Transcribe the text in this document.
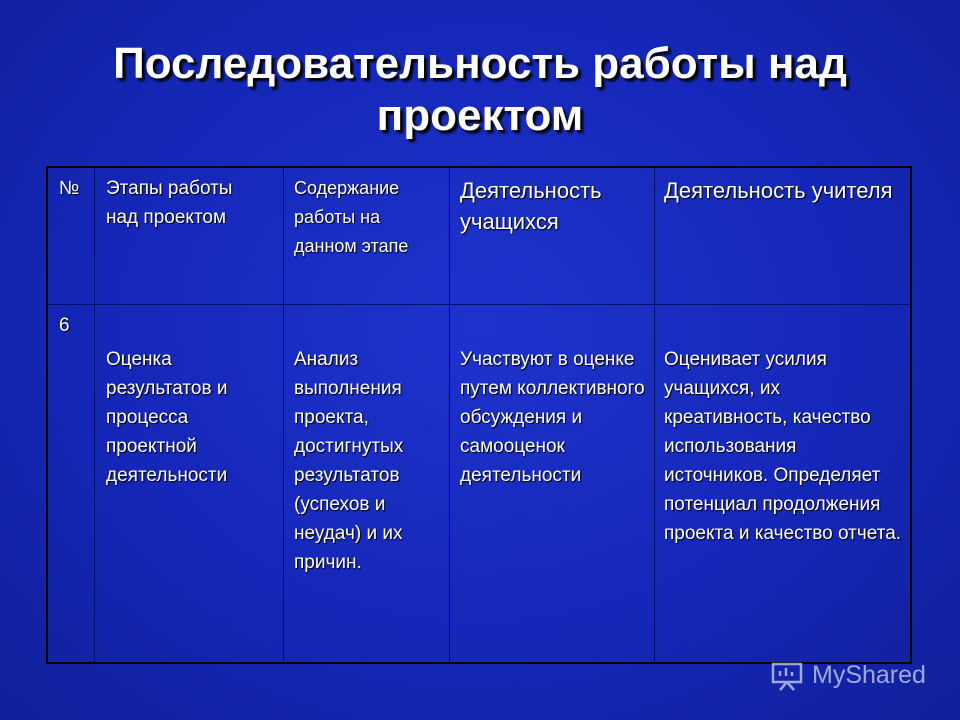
Последовательность работы над проектом
№	Этапы работы
над проектом
Содержание работы на данном этапе
Деятельность учащихся
Деятельность учителя
6
Оценка результатов и процесса проектной деятельности
Анализ выполнения проекта, достигнутых результатов (успехов и неудач) и их причин.
Участвуют в оценке путем коллективного обсуждения и самооценок деятельности
Оценивает усилия учащихся, их креативность, качество использования источников. Определяет потенциал продолжения проекта и качество отчета.
MyShared
